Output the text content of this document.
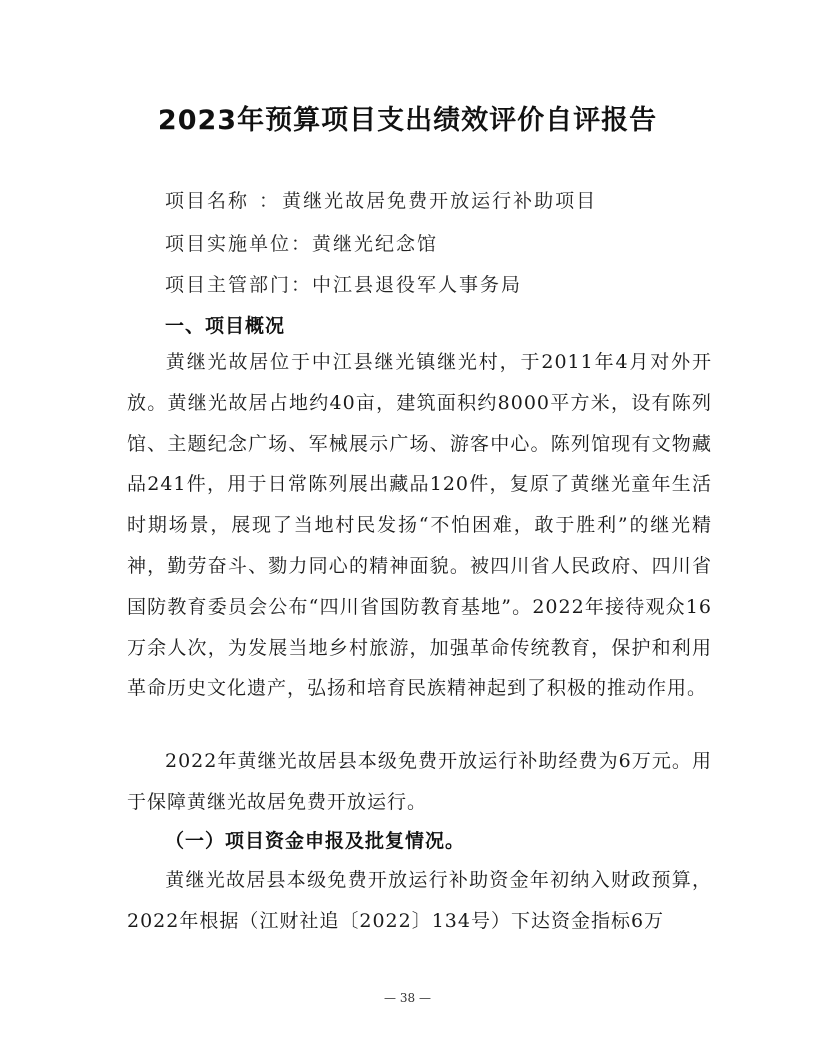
2023年预算项目支出绩效评价自评报告
项目名称 ： 黄继光故居免费开放运行补助项目
项目实施单位：黄继光纪念馆
项目主管部门：中江县退役军人事务局
一、项目概况
黄继光故居位于中江县继光镇继光村，于2011年4月对外开放。黄继光故居占地约40亩，建筑面积约8000平方米，设有陈列馆、主题纪念广场、军械展示广场、游客中心。陈列馆现有文物藏品241件，用于日常陈列展出藏品120件，复原了黄继光童年生活时期场景，展现了当地村民发扬“不怕困难，敢于胜利”的继光精神，勤劳奋斗、勠力同心的精神面貌。被四川省人民政府、四川省国防教育委员会公布“四川省国防教育基地”。2022年接待观众16万余人次，为发展当地乡村旅游，加强革命传统教育，保护和利用革命历史文化遗产，弘扬和培育民族精神起到了积极的推动作用。
2022年黄继光故居县本级免费开放运行补助经费为6万元。用于保障黄继光故居免费开放运行。
（一）项目资金申报及批复情况。
黄继光故居县本级免费开放运行补助资金年初纳入财政预算，2022年根据（江财社追〔2022〕134号）下达资金指标6万
— 38 —
